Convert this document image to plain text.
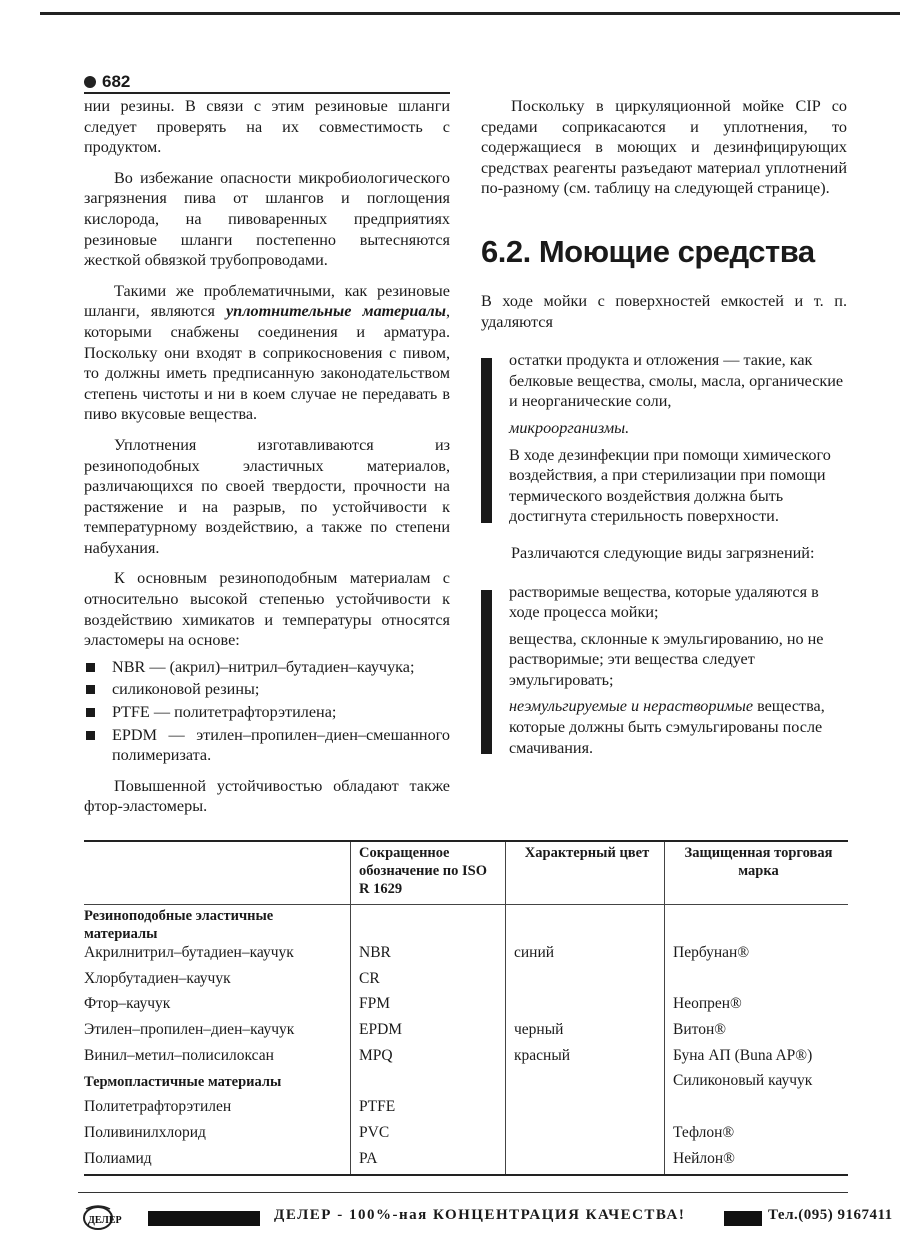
682

нии резины. В связи с этим резиновые шланги следует проверять на их совместимость с продуктом.

Во избежание опасности микробиологического загрязнения пива от шлангов и поглощения кислорода, на пивоваренных предприятиях резиновые шланги постепенно вытесняются жесткой обвязкой трубопроводами.

Такими же проблематичными, как резиновые шланги, являются уплотнительные материалы, которыми снабжены соединения и арматура. Поскольку они входят в соприкосновения с пивом, то должны иметь предписанную законодательством степень чистоты и ни в коем случае не передавать в пиво вкусовые вещества.

Уплотнения изготавливаются из резиноподобных эластичных материалов, различающихся по своей твердости, прочности на растяжение и на разрыв, по устойчивости к температурному воздействию, а также по степени набухания.

К основным резиноподобным материалам с относительно высокой степенью устойчивости к воздействию химикатов и температуры относятся эластомеры на основе:

NBR — (акрил)–нитрил–бутадиен–каучука;
силиконовой резины;
PTFE — политетрафторэтилена;
EPDM — этилен–пропилен–диен–смешанного полимеризата.

Повышенной устойчивостью обладают также фтор-эластомеры.

Поскольку в циркуляционной мойке CIP со средами соприкасаются и уплотнения, то содержащиеся в моющих и дезинфицирующих средствах реагенты разъедают материал уплотнений по-разному (см. таблицу на следующей странице).

6.2. Моющие средства

В ходе мойки с поверхностей емкостей и т. п. удаляются

остатки продукта и отложения — такие, как белковые вещества, смолы, масла, органические и неорганические соли,

микроорганизмы.

В ходе дезинфекции при помощи химического воздействия, а при стерилизации при помощи термического воздействия должна быть достигнута стерильность поверхности.

Различаются следующие виды загрязнений:

растворимые вещества, которые удаляются в ходе процесса мойки;

вещества, склонные к эмульгированию, но не растворимые; эти вещества следует эмульгировать;

неэмульгируемые и нерастворимые вещества, которые должны быть сэмульгированы после смачивания.

	Сокращенное обозначение по ISO R 1629	Характерный цвет	Защищенная торговая марка
Резиноподобные эластичные материалы			
Акрилнитрил–бутадиен–каучук	NBR	синий	Пербунан®
Хлорбутадиен–каучук	CR		
Фтор–каучук	FPM		Неопрен®
Этилен–пропилен–диен–каучук	EPDM	черный	Витон®
Винил–метил–полисилоксан	MPQ	красный	Буна АП (Buna AP®)
Термопластичные материалы			Силиконовый каучук
Политетрафторэтилен	PTFE		
Поливинилхлорид	PVC		Тефлон®
Полиамид	PA		Нейлон®
ДЕЛЕР	ДЕЛЕР - 100%-ная КОНЦЕНТРАЦИЯ КАЧЕСТВА!	Тел.(095) 9167411
